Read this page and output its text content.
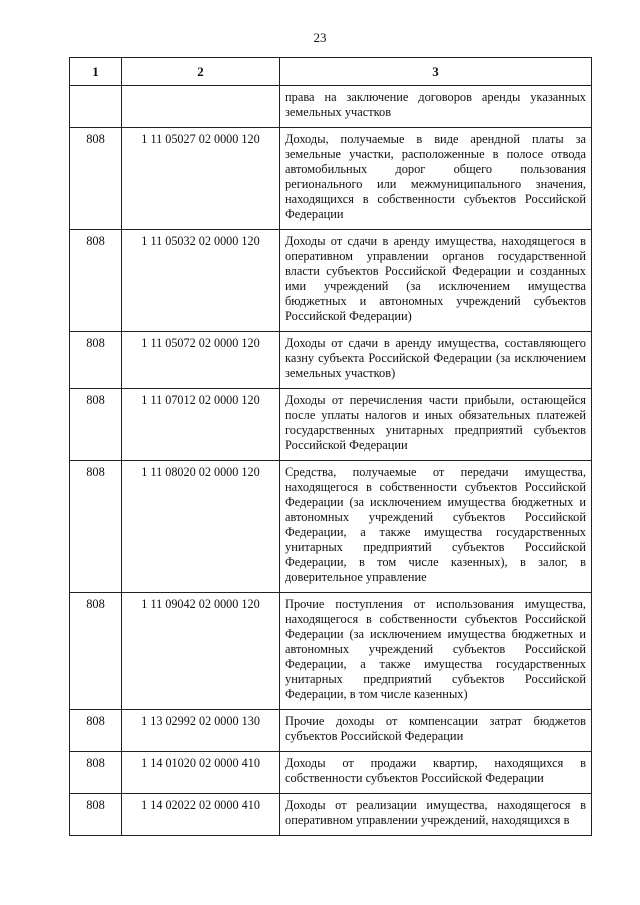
23
1	2	3
		права на заключение договоров аренды указанных земельных участков
808	1 11 05027 02 0000 120	Доходы, получаемые в виде арендной платы за земельные участки, расположенные в полосе отвода автомобильных дорог общего пользования регионального или межмуниципального значения, находящихся в собственности субъектов Российской Федерации
808	1 11 05032 02 0000 120	Доходы от сдачи в аренду имущества, находящегося в оперативном управлении органов государственной власти субъектов Российской Федерации и созданных ими учреждений (за исключением имущества бюджетных и автономных учреждений субъектов Российской Федерации)
808	1 11 05072 02 0000 120	Доходы от сдачи в аренду имущества, составляющего казну субъекта Российской Федерации (за исключением земельных участков)
808	1 11 07012 02 0000 120	Доходы от перечисления части прибыли, остающейся после уплаты налогов и иных обязательных платежей государственных унитарных предприятий субъектов Российской Федерации
808	1 11 08020 02 0000 120	Средства, получаемые от передачи имущества, находящегося в собственности субъектов Российской Федерации (за исключением имущества бюджетных и автономных учреждений субъектов Российской Федерации, а также имущества государственных унитарных предприятий субъектов Российской Федерации, в том числе казенных), в залог, в доверительное управление
808	1 11 09042 02 0000 120	Прочие поступления от использования имущества, находящегося в собственности субъектов Российской Федерации (за исключением имущества бюджетных и автономных учреждений субъектов Российской Федерации, а также имущества государственных унитарных предприятий субъектов Российской Федерации, в том числе казенных)
808	1 13 02992 02 0000 130	Прочие доходы от компенсации затрат бюджетов субъектов Российской Федерации
808	1 14 01020 02 0000 410	Доходы от продажи квартир, находящихся в собственности субъектов Российской Федерации
808	1 14 02022 02 0000 410	Доходы от реализации имущества, находящегося в оперативном управлении учреждений, находящихся в
